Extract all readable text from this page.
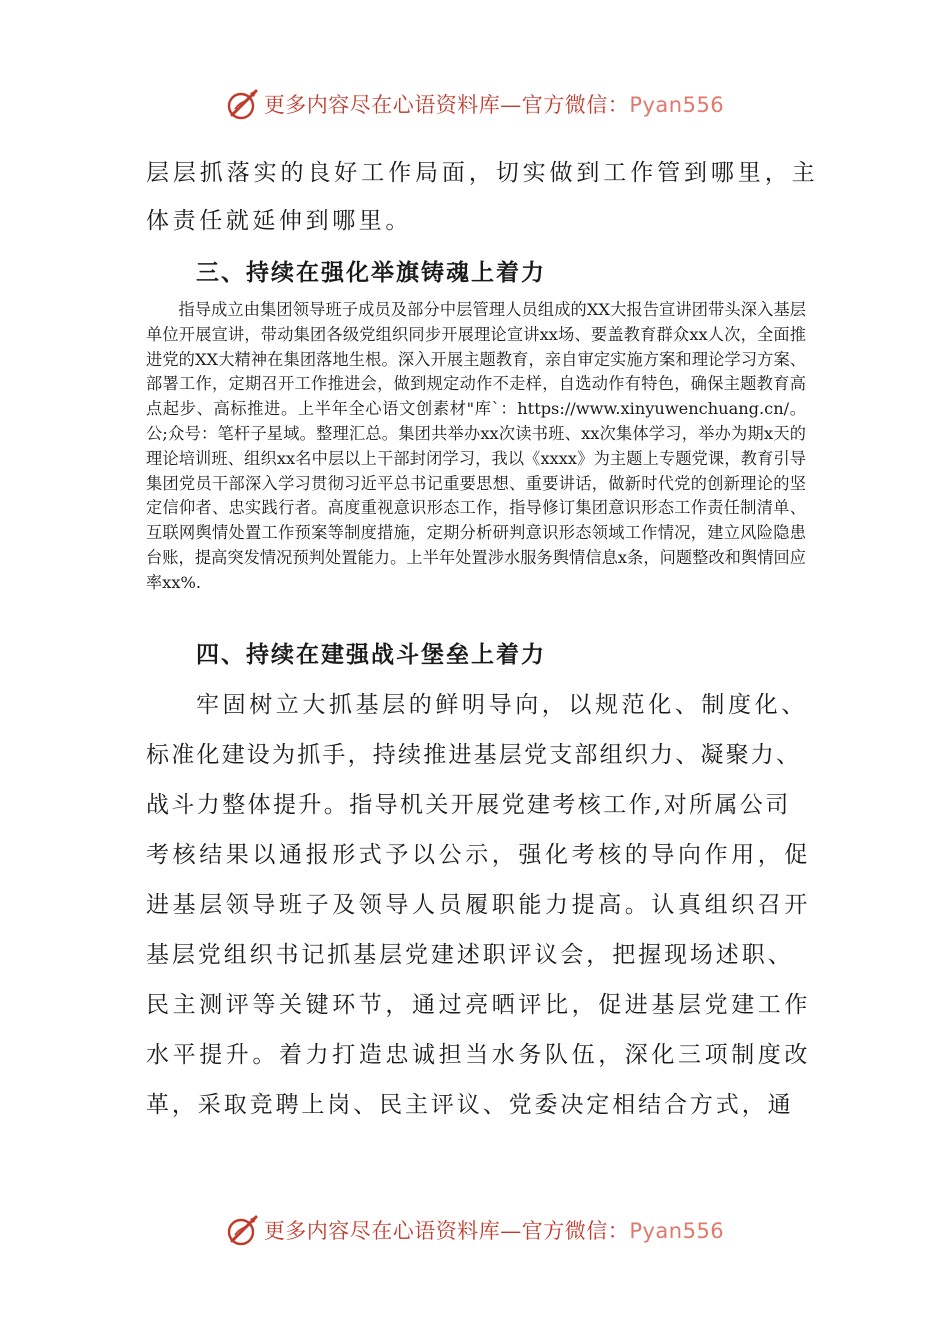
更多内容尽在心语资料库—官方微信：Pyan556
层层抓落实的良好工作局面，切实做到工作管到哪里，主
体责任就延伸到哪里。
三、持续在强化举旗铸魂上着力

指导成立由集团领导班子成员及部分中层管理人员组成的XX大报告宣讲团带头深入基层单位开展宣讲，带动集团各级党组织同步开展理论宣讲xx场、要盖教育群众xx人次，全面推进党的XX大精神在集团落地生根。深入开展主题教育，亲自审定实施方案和理论学习方案、部署工作，定期召开工作推进会，做到规定动作不走样，自选动作有特色，确保主题教育高点起步、高标推进。上半年全心语文创素材"库`：https://www.xinyuwenchuang.cn/。公;众号：笔杆子星域。整理汇总。集团共举办xx次读书班、xx次集体学习，举办为期x天的理论培训班、组织xx名中层以上干部封闭学习，我以《xxxx》为主题上专题党课，教育引导集团党员干部深入学习贯彻习近平总书记重要思想、重要讲话，做新时代党的创新理论的坚定信仰者、忠实践行者。高度重视意识形态工作，指导修订集团意识形态工作责任制清单、互联网舆情处置工作预案等制度措施，定期分析研判意识形态领域工作情况，建立风险隐患台账，提高突发情况预判处置能力。上半年处置涉水服务舆情信息x条，问题整改和舆情回应率xx%.

四、持续在建强战斗堡垒上着力
牢固树立大抓基层的鲜明导向，以规范化、制度化、
标准化建设为抓手，持续推进基层党支部组织力、凝聚力、
战斗力整体提升。指导机关开展党建考核工作,对所属公司
考核结果以通报形式予以公示，强化考核的导向作用，促
进基层领导班子及领导人员履职能力提高。认真组织召开
基层党组织书记抓基层党建述职评议会，把握现场述职、
民主测评等关键环节，通过亮晒评比，促进基层党建工作
水平提升。着力打造忠诚担当水务队伍，深化三项制度改
革，采取竞聘上岗、民主评议、党委决定相结合方式，通
更多内容尽在心语资料库—官方微信：Pyan556
